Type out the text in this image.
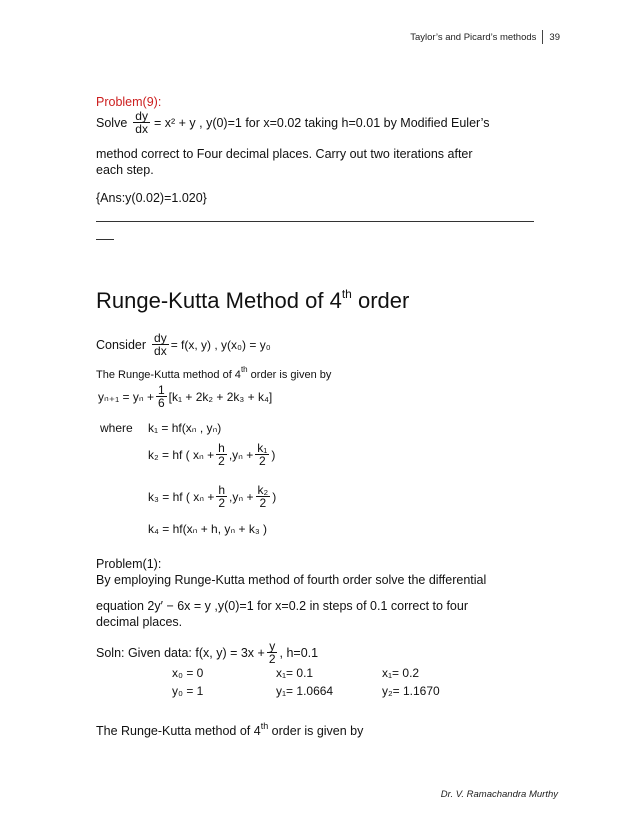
Taylor’s and Picard’s methods 39
Problem(9):
Solve $\frac{dy}{dx} = x^2 + y$ , y(0)=1 for x=0.02 taking h=0.01 by Modified Euler’s
method correct to Four decimal places. Carry out two iterations after
each step.
{Ans:y(0.02)=1.020}
Runge-Kutta Method of 4th order
Consider $\frac{dy}{dx} = f(x$, y) , y(x₀) = y₀
The Runge-Kutta method of 4th order is given by
$y_{n+1} = y_n + \frac{1}{6} [k_1 + 2k_2 + 2k_3 + k_4]$
where k₁ = hf(xₙ , yₙ)
k₂ = hf ( $x_n + \frac{h}{2} ,y_n + \frac{\text{k₁}}{2}$ )
k₃ = hf ( $x_n + \frac{h}{2} ,y_n + \frac{\text{k₂}}{2}$ )
k₄ = hf(xₙ + h, yₙ + k₃ )
Problem(1):
By employing Runge-Kutta method of fourth order solve the differential
equation 2y′ − 6x = y ,y(0)=1 for x=0.2 in steps of 0.1 correct to four
decimal places.
Soln: Given data: f(x, $y) = 3x + \frac{y}{2}$ , h=0.1
x₀ = 0	x₁= 0.1	x₁= 0.2
y₀ = 1	y₁= 1.0664	y₂= 1.1670
The Runge-Kutta method of 4th order is given by
Dr. V. Ramachandra Murthy
